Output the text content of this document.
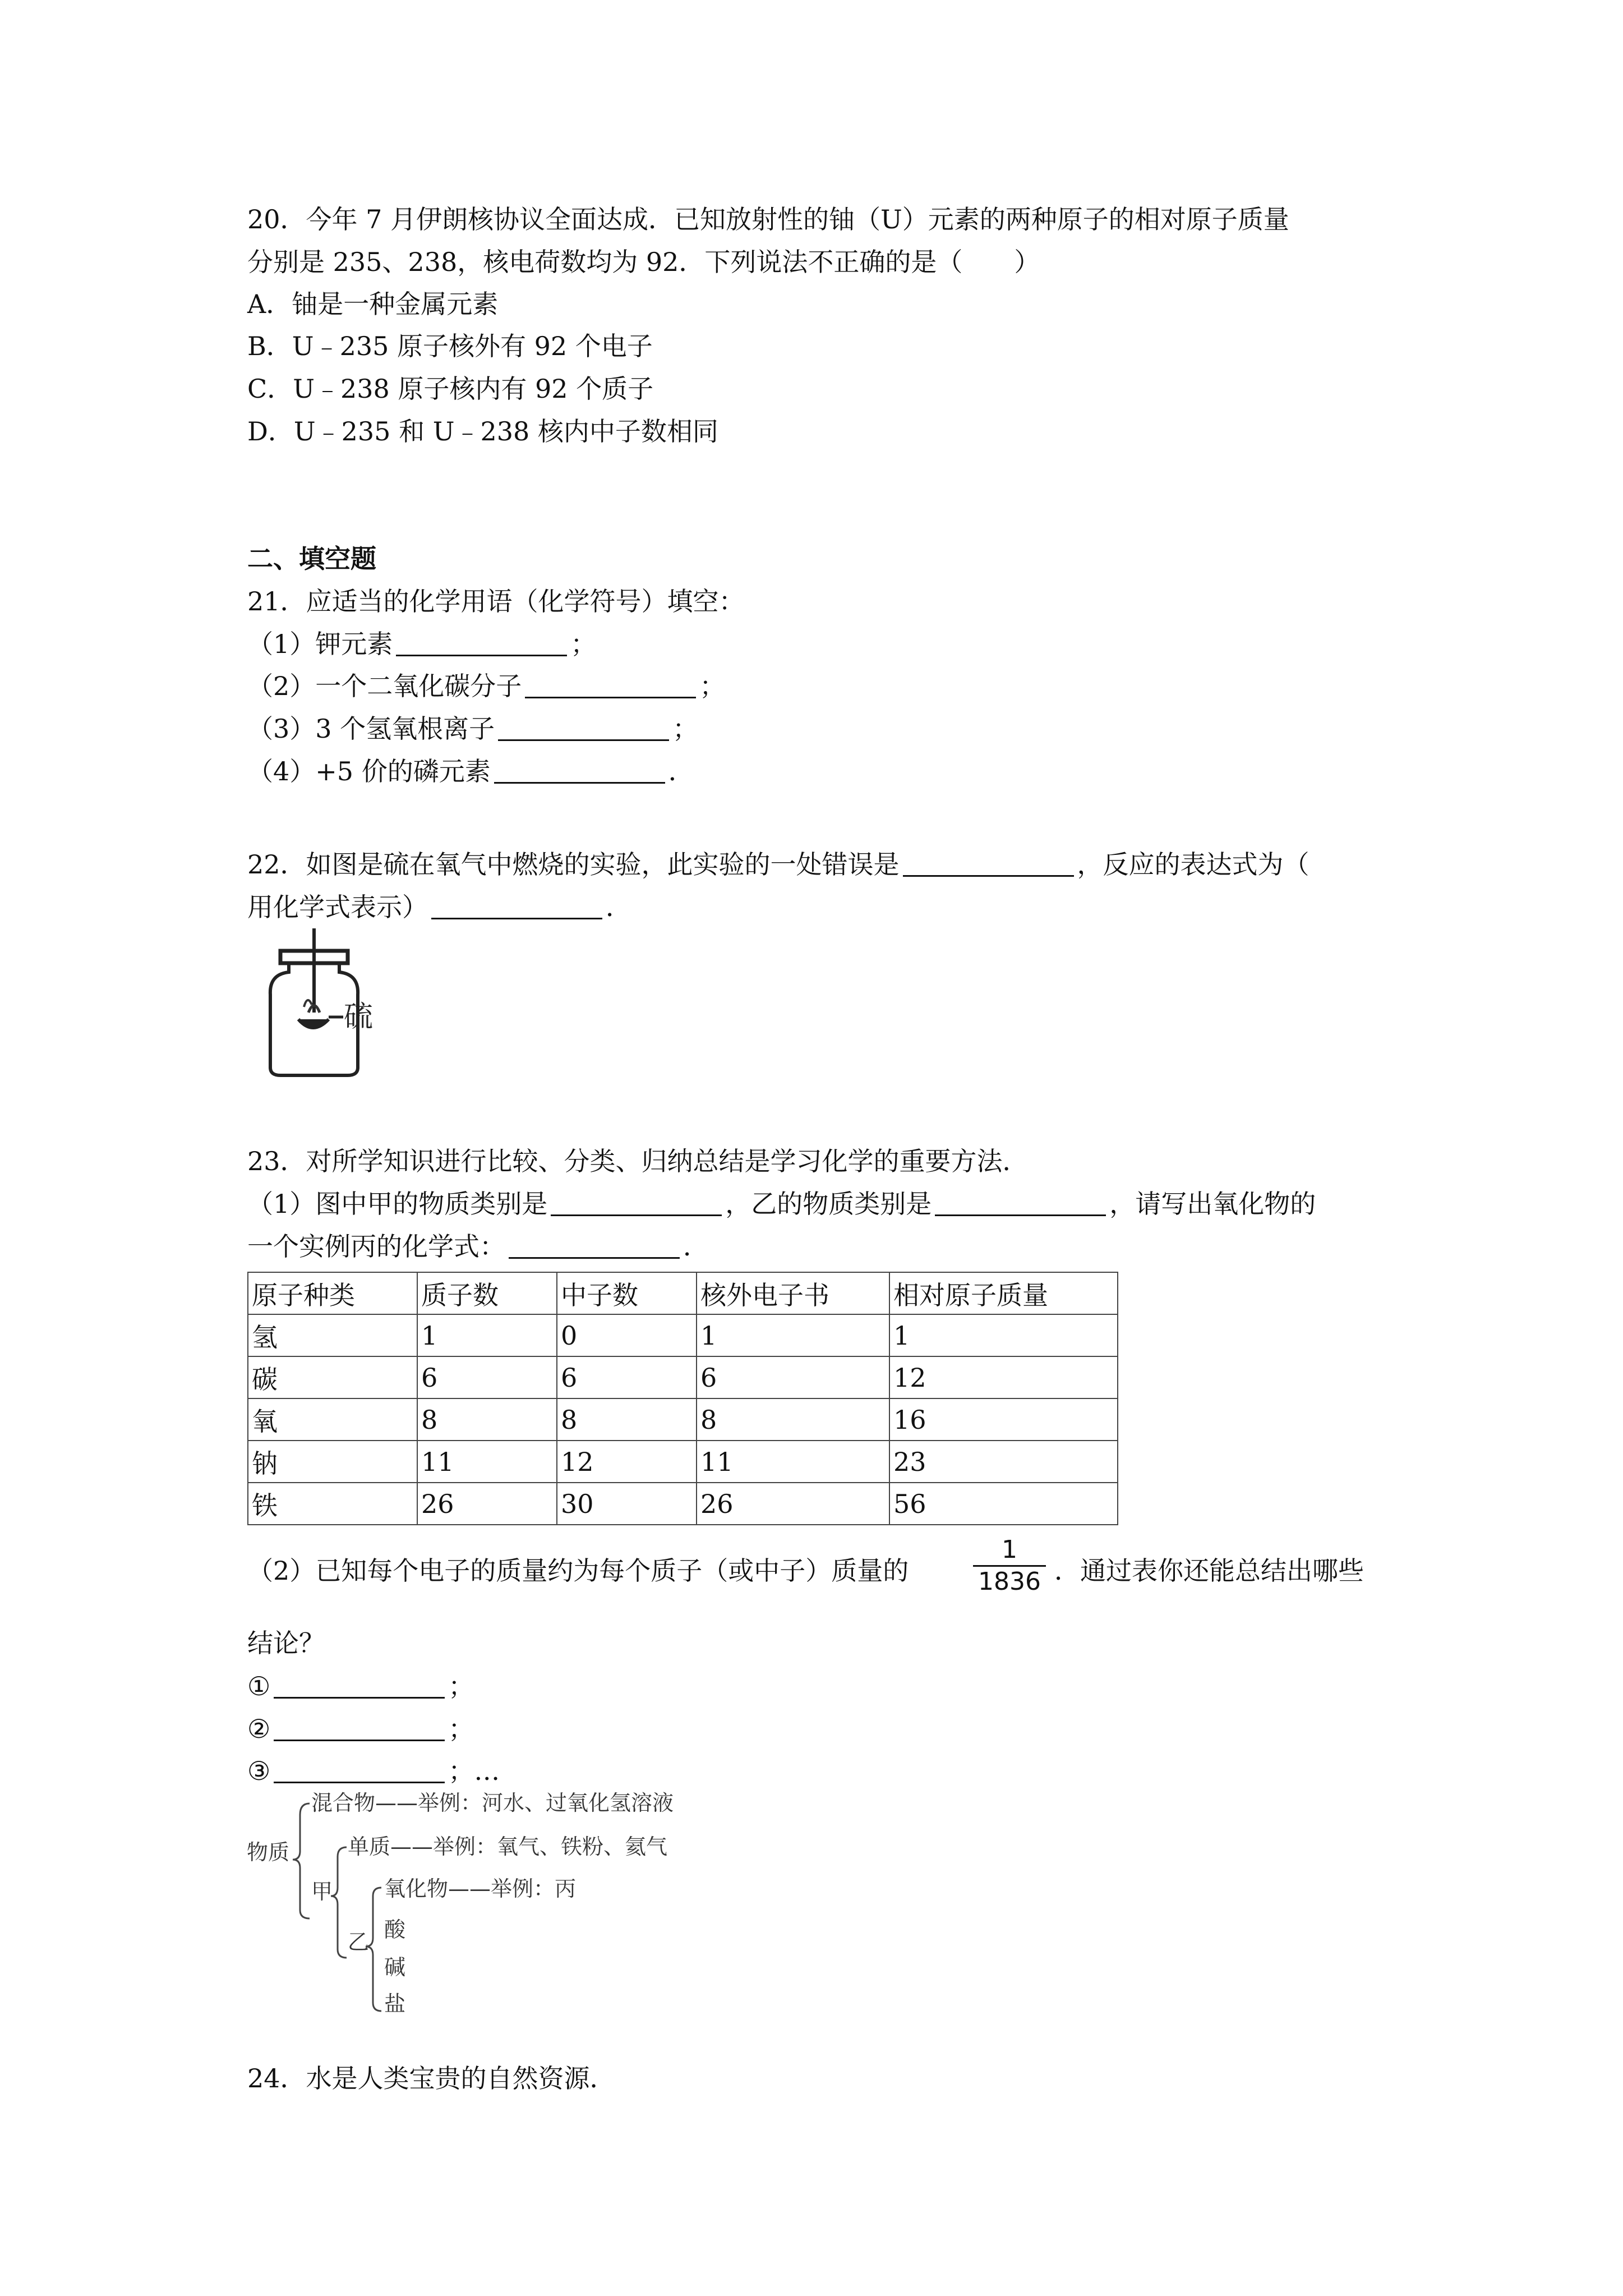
20．今年 7 月伊朗核协议全面达成．已知放射性的铀（U）元素的两种原子的相对原子质量
分别是 235、238，核电荷数均为 92．下列说法不正确的是（　　）
A．铀是一种金属元素
B．U﹣235 原子核外有 92 个电子
C．U﹣238 原子核内有 92 个质子
D．U﹣235 和 U﹣238 核内中子数相同
二、填空题
21．应适当的化学用语（化学符号）填空：
（1）钾元素	；
（2）一个二氧化碳分子	；
（3）3 个氢氧根离子	；
（4）+5 价的磷元素	．
22．如图是硫在氧气中燃烧的实验，此实验的一处错误是	，反应的表达式为（
用化学式表示）	．
硫
23．对所学知识进行比较、分类、归纳总结是学习化学的重要方法．
（1）图中甲的物质类别是	，乙的物质类别是	，请写出氧化物的
一个实例丙的化学式：	．
原子种类	质子数	中子数	核外电子书	相对原子质量
氢	1	0	1	1
碳	6	6	6	12
氧	8	8	8	16
钠	11	12	11	23
铁	26	30	26	56
（2）已知每个电子的质量约为每个质子（或中子）质量的
1
1836 ．通过表你还能总结出哪些
结论？
①	；
②	；
③	；…
物质
混合物——举例：河水、过氧化氢溶液
甲
单质——举例：氧气、铁粉、氦气
乙
氧化物——举例：丙
酸
碱
盐
24．水是人类宝贵的自然资源．
